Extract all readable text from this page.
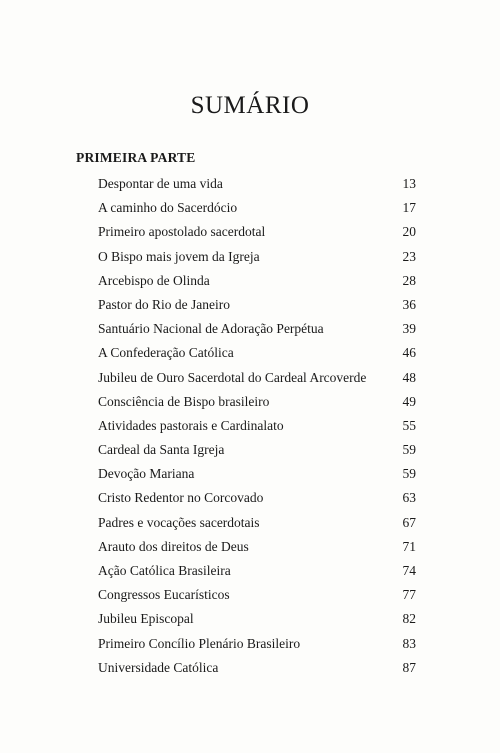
SUMÁRIO
PRIMEIRA PARTE
Despontar de uma vida	13
A caminho do Sacerdócio	17
Primeiro apostolado sacerdotal	20
O Bispo mais jovem da Igreja	23
Arcebispo de Olinda	28
Pastor do Rio de Janeiro	36
Santuário Nacional de Adoração Perpétua	39
A Confederação Católica	46
Jubileu de Ouro Sacerdotal do Cardeal Arcoverde	48
Consciência de Bispo brasileiro	49
Atividades pastorais e Cardinalato	55
Cardeal da Santa Igreja	59
Devoção Mariana	59
Cristo Redentor no Corcovado	63
Padres e vocações sacerdotais	67
Arauto dos direitos de Deus	71
Ação Católica Brasileira	74
Congressos Eucarísticos	77
Jubileu Episcopal	82
Primeiro Concílio Plenário Brasileiro	83
Universidade Católica	87
